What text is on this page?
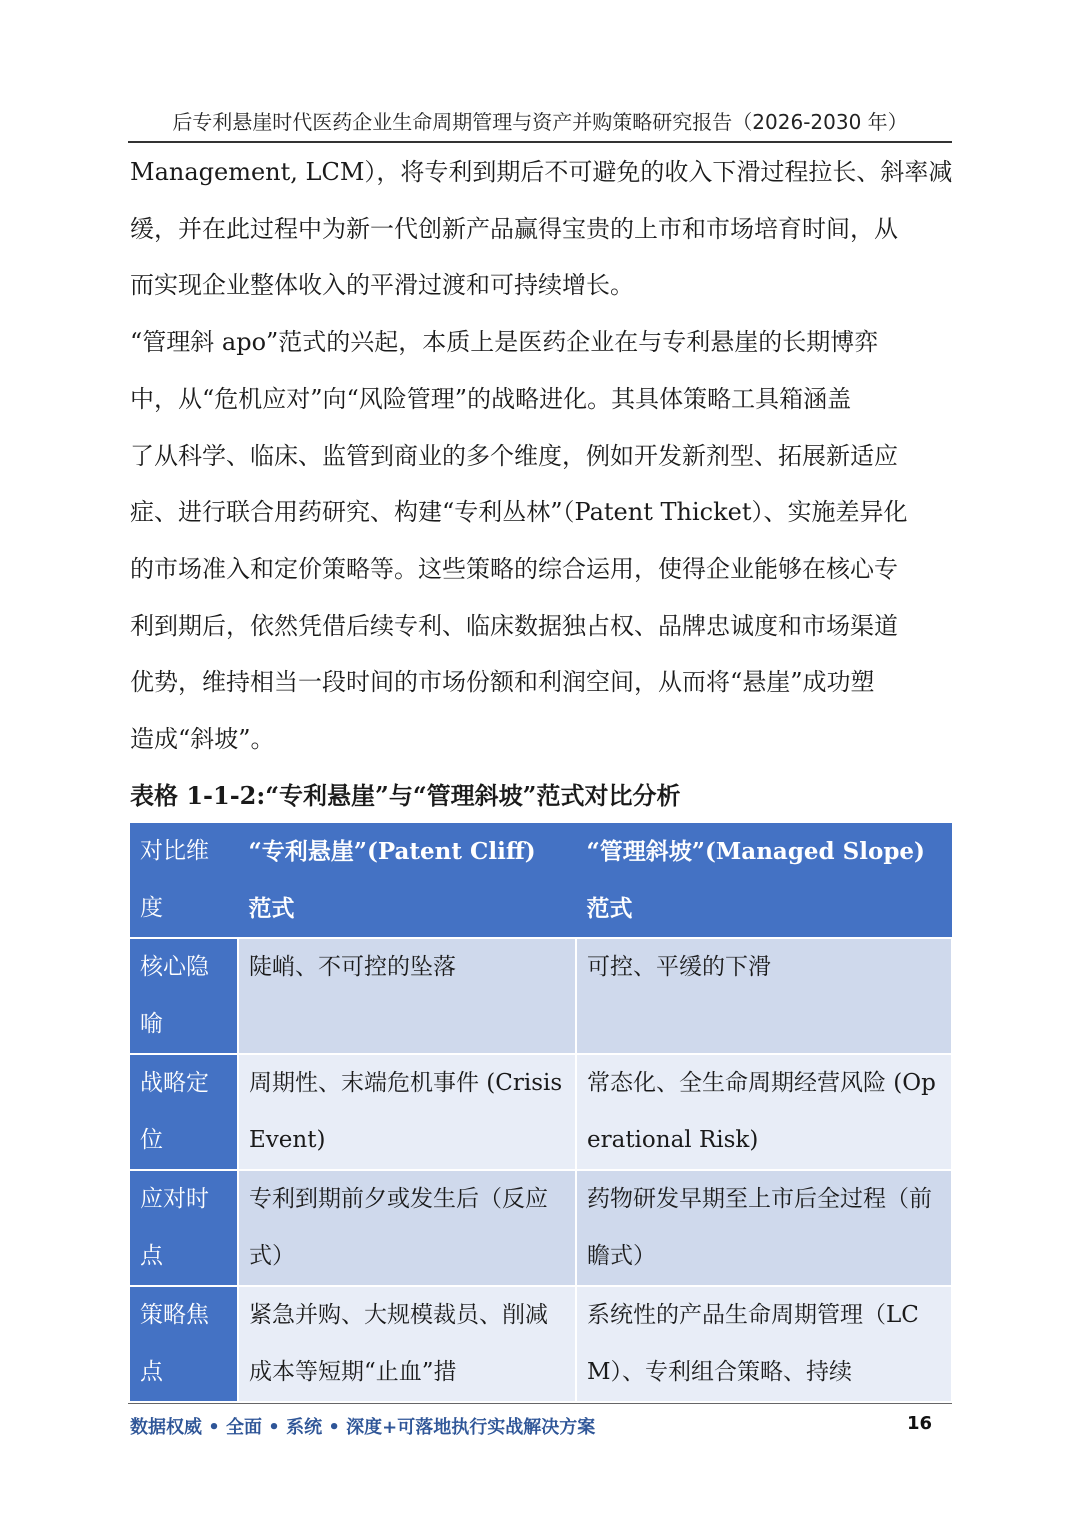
后专利悬崖时代医药企业生命周期管理与资产并购策略研究报告（2026-2030 年）

Management, LCM），将专利到期后不可避免的收入下滑过程拉长、斜率减
缓，并在此过程中为新一代创新产品赢得宝贵的上市和市场培育时间，从
而实现企业整体收入的平滑过渡和可持续增长。

“管理斜 apo”范式的兴起，本质上是医药企业在与专利悬崖的长期博弈
中，从“危机应对”向“风险管理”的战略进化。其具体策略工具箱涵盖
了从科学、临床、监管到商业的多个维度，例如开发新剂型、拓展新适应
症、进行联合用药研究、构建“专利丛林”（Patent Thicket）、实施差异化
的市场准入和定价策略等。这些策略的综合运用，使得企业能够在核心专
利到期后，依然凭借后续专利、临床数据独占权、品牌忠诚度和市场渠道
优势，维持相当一段时间的市场份额和利润空间，从而将“悬崖”成功塑
造成“斜坡”。

表格 1-1-2:“专利悬崖”与“管理斜坡”范式对比分析
对比维度	“专利悬崖”(Patent Cliff) 范式	“管理斜坡”(Managed Slope) 范式

核心隐喻	陡峭、不可控的坠落	可控、平缓的下滑

战略定位	周期性、末端危机事件 (Crisis Event)	常态化、全生命周期经营风险 (Operational Risk)

应对时点	专利到期前夕或发生后（反应式）	药物研发早期至上市后全过程（前瞻式）

策略焦点	紧急并购、大规模裁员、削减成本等短期“止血”措	系统性的产品生命周期管理（LCM）、专利组合策略、持续
数据权威 • 全面 • 系统 • 深度+可落地执行实战解决方案	16
